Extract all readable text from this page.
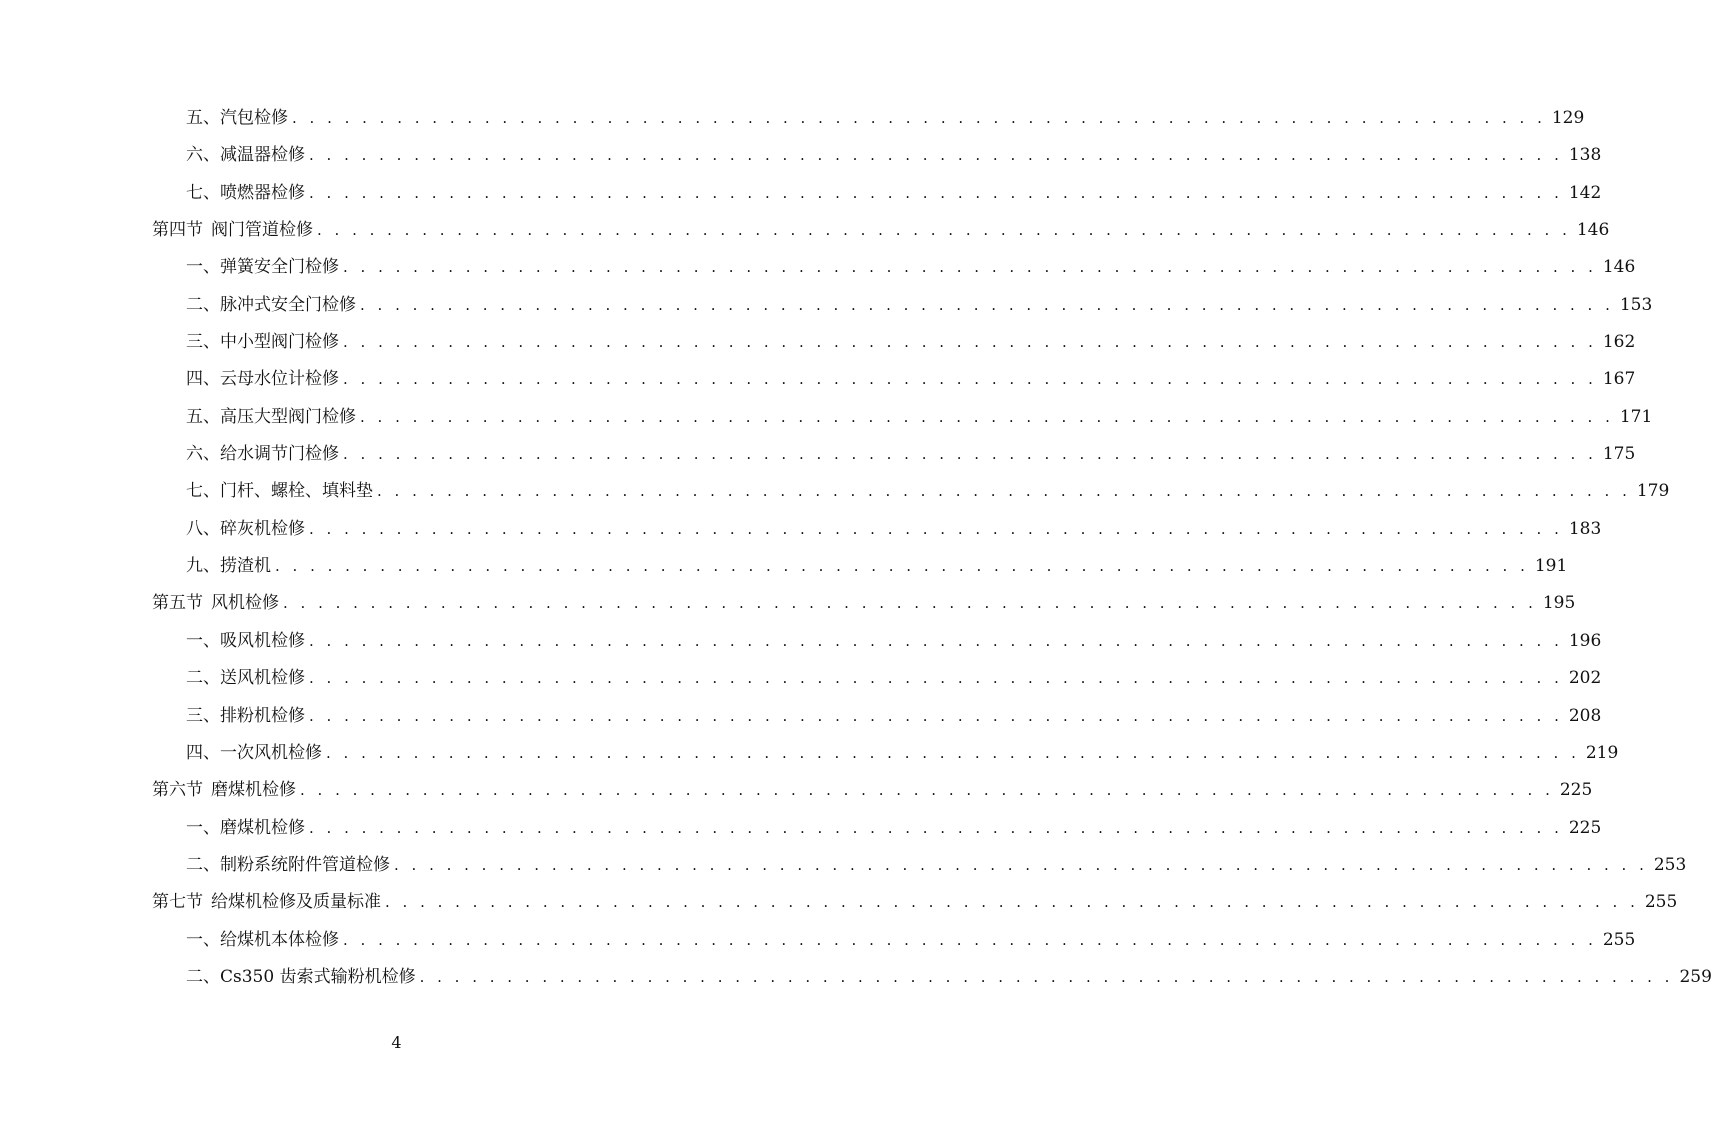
五、汽包检修 . . . . . . . . . . . . . . . . . . . . . . . . . . . . . . . . . . . . . . . . . . . . . . . . . . . . . . . . . . . . . . . . . . . . . . . . 129
六、减温器检修 . . . . . . . . . . . . . . . . . . . . . . . . . . . . . . . . . . . . . . . . . . . . . . . . . . . . . . . . . . . . . . . . . . . . . . . . 138
七、喷燃器检修 . . . . . . . . . . . . . . . . . . . . . . . . . . . . . . . . . . . . . . . . . . . . . . . . . . . . . . . . . . . . . . . . . . . . . . . . 142
第四节 阀门管道检修 . . . . . . . . . . . . . . . . . . . . . . . . . . . . . . . . . . . . . . . . . . . . . . . . . . . . . . . . . . . . . . . . . . . . . . . . 146
一、弹簧安全门检修 . . . . . . . . . . . . . . . . . . . . . . . . . . . . . . . . . . . . . . . . . . . . . . . . . . . . . . . . . . . . . . . . . . . . . . . . 146
二、脉冲式安全门检修 . . . . . . . . . . . . . . . . . . . . . . . . . . . . . . . . . . . . . . . . . . . . . . . . . . . . . . . . . . . . . . . . . . . . . . . . 153
三、中小型阀门检修 . . . . . . . . . . . . . . . . . . . . . . . . . . . . . . . . . . . . . . . . . . . . . . . . . . . . . . . . . . . . . . . . . . . . . . . . 162
四、云母水位计检修 . . . . . . . . . . . . . . . . . . . . . . . . . . . . . . . . . . . . . . . . . . . . . . . . . . . . . . . . . . . . . . . . . . . . . . . . 167
五、高压大型阀门检修 . . . . . . . . . . . . . . . . . . . . . . . . . . . . . . . . . . . . . . . . . . . . . . . . . . . . . . . . . . . . . . . . . . . . . . . . 171
六、给水调节门检修 . . . . . . . . . . . . . . . . . . . . . . . . . . . . . . . . . . . . . . . . . . . . . . . . . . . . . . . . . . . . . . . . . . . . . . . . 175
七、门杆、螺栓、填料垫 . . . . . . . . . . . . . . . . . . . . . . . . . . . . . . . . . . . . . . . . . . . . . . . . . . . . . . . . . . . . . . . . . . . . . . . . 179
八、碎灰机检修 . . . . . . . . . . . . . . . . . . . . . . . . . . . . . . . . . . . . . . . . . . . . . . . . . . . . . . . . . . . . . . . . . . . . . . . . 183
九、捞渣机 . . . . . . . . . . . . . . . . . . . . . . . . . . . . . . . . . . . . . . . . . . . . . . . . . . . . . . . . . . . . . . . . . . . . . . . . 191
第五节 风机检修 . . . . . . . . . . . . . . . . . . . . . . . . . . . . . . . . . . . . . . . . . . . . . . . . . . . . . . . . . . . . . . . . . . . . . . . . 195
一、吸风机检修 . . . . . . . . . . . . . . . . . . . . . . . . . . . . . . . . . . . . . . . . . . . . . . . . . . . . . . . . . . . . . . . . . . . . . . . . 196
二、送风机检修 . . . . . . . . . . . . . . . . . . . . . . . . . . . . . . . . . . . . . . . . . . . . . . . . . . . . . . . . . . . . . . . . . . . . . . . . 202
三、排粉机检修 . . . . . . . . . . . . . . . . . . . . . . . . . . . . . . . . . . . . . . . . . . . . . . . . . . . . . . . . . . . . . . . . . . . . . . . . 208
四、一次风机检修 . . . . . . . . . . . . . . . . . . . . . . . . . . . . . . . . . . . . . . . . . . . . . . . . . . . . . . . . . . . . . . . . . . . . . . . . 219
第六节 磨煤机检修 . . . . . . . . . . . . . . . . . . . . . . . . . . . . . . . . . . . . . . . . . . . . . . . . . . . . . . . . . . . . . . . . . . . . . . . . 225
一、磨煤机检修 . . . . . . . . . . . . . . . . . . . . . . . . . . . . . . . . . . . . . . . . . . . . . . . . . . . . . . . . . . . . . . . . . . . . . . . . 225
二、制粉系统附件管道检修 . . . . . . . . . . . . . . . . . . . . . . . . . . . . . . . . . . . . . . . . . . . . . . . . . . . . . . . . . . . . . . . . . . . . . . . . 253
第七节 给煤机检修及质量标准 . . . . . . . . . . . . . . . . . . . . . . . . . . . . . . . . . . . . . . . . . . . . . . . . . . . . . . . . . . . . . . . . . . . . . . . . 255
一、给煤机本体检修 . . . . . . . . . . . . . . . . . . . . . . . . . . . . . . . . . . . . . . . . . . . . . . . . . . . . . . . . . . . . . . . . . . . . . . . . 255
二、Cs350 齿索式输粉机检修 . . . . . . . . . . . . . . . . . . . . . . . . . . . . . . . . . . . . . . . . . . . . . . . . . . . . . . . . . . . . . . . . . . . . . . . . 259
4
